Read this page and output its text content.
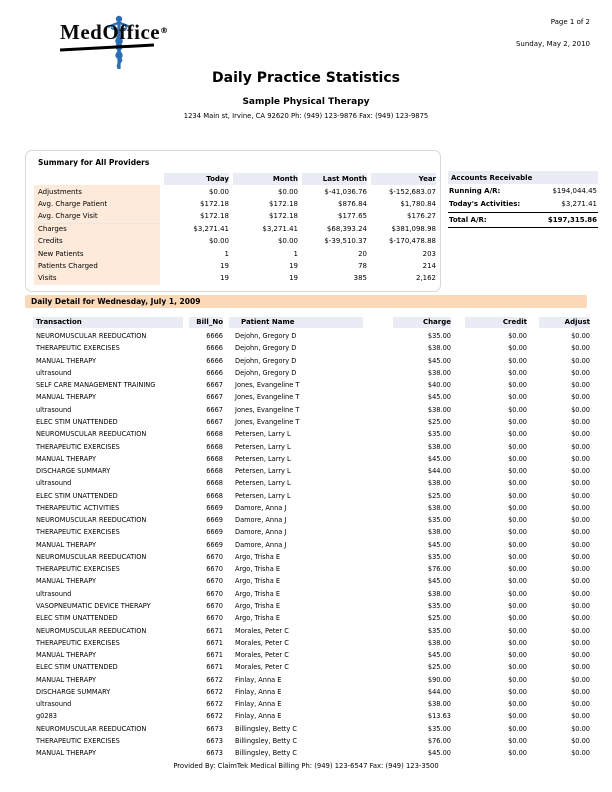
MedOffice®
Page 1 of 2
Sunday, May 2, 2010
Daily Practice Statistics
Sample Physical Therapy
1234 Main st, Irvine, CA 92620 Ph: (949) 123-9876 Fax: (949) 123-9875
Summary for All Providers
Today	Month	Last Month	Year
Adjustments	$0.00	$0.00	$-41,036.76	$-152,683.07
Avg. Charge Patient	$172.18	$172.18	$876.84	$1,780.84
Avg. Charge Visit	$172.18	$172.18	$177.65	$176.27
Charges	$3,271.41	$3,271.41	$68,393.24	$381,098.98
Credits	$0.00	$0.00	$-39,510.37	$-170,478.88
New Patients	1	1	20	203
Patients Charged	19	19	78	214
Visits	19	19	385	2,162
Accounts Receivable
Running A/R:	$194,044.45
Today's Activities:	$3,271.41
Total A/R:	$197,315.86
Daily Detail for Wednesday, July 1, 2009
Transaction	Bill_No	Patient Name	Charge	Credit	Adjust
NEUROMUSCULAR REEDUCATION	6666	Dejohn, Gregory D	$35.00	$0.00	$0.00
THERAPEUTIC EXERCISES	6666	Dejohn, Gregory D	$38.00	$0.00	$0.00
MANUAL THERAPY	6666	Dejohn, Gregory D	$45.00	$0.00	$0.00
ultrasound	6666	Dejohn, Gregory D	$38.00	$0.00	$0.00
SELF CARE MANAGEMENT TRAINING	6667	Jones, Evangeline T	$40.00	$0.00	$0.00
MANUAL THERAPY	6667	Jones, Evangeline T	$45.00	$0.00	$0.00
ultrasound	6667	Jones, Evangeline T	$38.00	$0.00	$0.00
ELEC STIM UNATTENDED	6667	Jones, Evangeline T	$25.00	$0.00	$0.00
NEUROMUSCULAR REEDUCATION	6668	Petersen, Larry L	$35.00	$0.00	$0.00
THERAPEUTIC EXERCISES	6668	Petersen, Larry L	$38.00	$0.00	$0.00
MANUAL THERAPY	6668	Petersen, Larry L	$45.00	$0.00	$0.00
DISCHARGE SUMMARY	6668	Petersen, Larry L	$44.00	$0.00	$0.00
ultrasound	6668	Petersen, Larry L	$38.00	$0.00	$0.00
ELEC STIM UNATTENDED	6668	Petersen, Larry L	$25.00	$0.00	$0.00
THERAPEUTIC ACTIVITIES	6669	Damore, Anna J	$38.00	$0.00	$0.00
NEUROMUSCULAR REEDUCATION	6669	Damore, Anna J	$35.00	$0.00	$0.00
THERAPEUTIC EXERCISES	6669	Damore, Anna J	$38.00	$0.00	$0.00
MANUAL THERAPY	6669	Damore, Anna J	$45.00	$0.00	$0.00
NEUROMUSCULAR REEDUCATION	6670	Argo, Trisha E	$35.00	$0.00	$0.00
THERAPEUTIC EXERCISES	6670	Argo, Trisha E	$76.00	$0.00	$0.00
MANUAL THERAPY	6670	Argo, Trisha E	$45.00	$0.00	$0.00
ultrasound	6670	Argo, Trisha E	$38.00	$0.00	$0.00
VASOPNEUMATIC DEVICE THERAPY	6670	Argo, Trisha E	$35.00	$0.00	$0.00
ELEC STIM UNATTENDED	6670	Argo, Trisha E	$25.00	$0.00	$0.00
NEUROMUSCULAR REEDUCATION	6671	Morales, Peter C	$35.00	$0.00	$0.00
THERAPEUTIC EXERCISES	6671	Morales, Peter C	$38.00	$0.00	$0.00
MANUAL THERAPY	6671	Morales, Peter C	$45.00	$0.00	$0.00
ELEC STIM UNATTENDED	6671	Morales, Peter C	$25.00	$0.00	$0.00
MANUAL THERAPY	6672	Finlay, Anna E	$90.00	$0.00	$0.00
DISCHARGE SUMMARY	6672	Finlay, Anna E	$44.00	$0.00	$0.00
ultrasound	6672	Finlay, Anna E	$38.00	$0.00	$0.00
g0283	6672	Finlay, Anna E	$13.63	$0.00	$0.00
NEUROMUSCULAR REEDUCATION	6673	Billingsley, Betty C	$35.00	$0.00	$0.00
THERAPEUTIC EXERCISES	6673	Billingsley, Betty C	$76.00	$0.00	$0.00
MANUAL THERAPY	6673	Billingsley, Betty C	$45.00	$0.00	$0.00
Provided By: ClaimTek Medical Billing Ph: (949) 123-6547 Fax: (949) 123-3500
